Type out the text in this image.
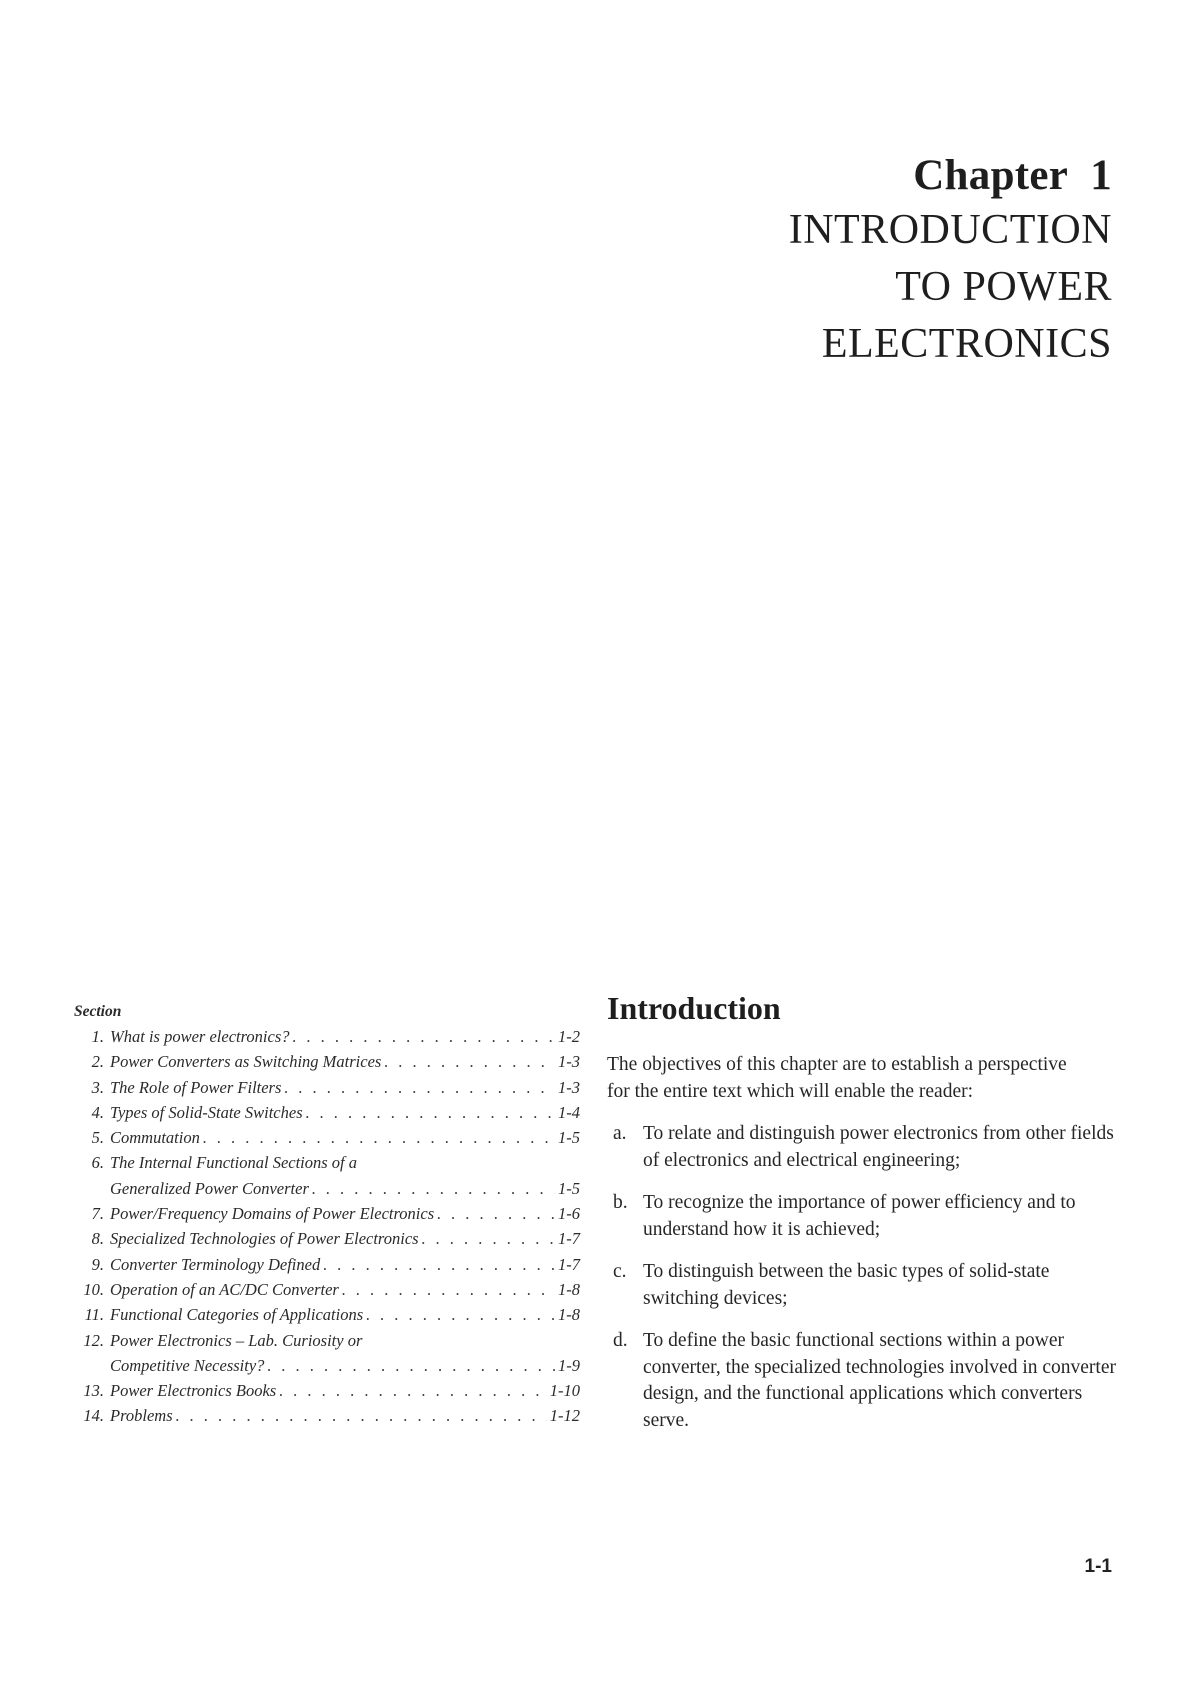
Chapter 1
INTRODUCTION
TO POWER
ELECTRONICS
Section
1. What is power electronics? . . .	1-2
2. Power Converters as Switching Matrices . . .	1-3
3. The Role of Power Filters . . .	1-3
4. Types of Solid-State Switches . . .	1-4
5. Commutation . . .	1-5
6. The Internal Functional Sections of a
Generalized Power Converter . . .	1-5
7. Power/Frequency Domains of Power Electronics . . .	1-6
8. Specialized Technologies of Power Electronics . . .	1-7
9. Converter Terminology Defined . . .	1-7
10. Operation of an AC/DC Converter . . .	1-8
11. Functional Categories of Applications . . .	1-8
12. Power Electronics – Lab. Curiosity or
Competitive Necessity? . . .	1-9
13. Power Electronics Books . . .	1-10
14. Problems . . .	1-12
Introduction

The objectives of this chapter are to establish a perspective for the entire text which will enable the reader:

a. To relate and distinguish power electronics from other fields of electronics and electrical engineering;
b. To recognize the importance of power efficiency and to understand how it is achieved;
c. To distinguish between the basic types of solid-state switching devices;
d. To define the basic functional sections within a power converter, the specialized technologies involved in converter design, and the functional applications which converters serve.
1-1
